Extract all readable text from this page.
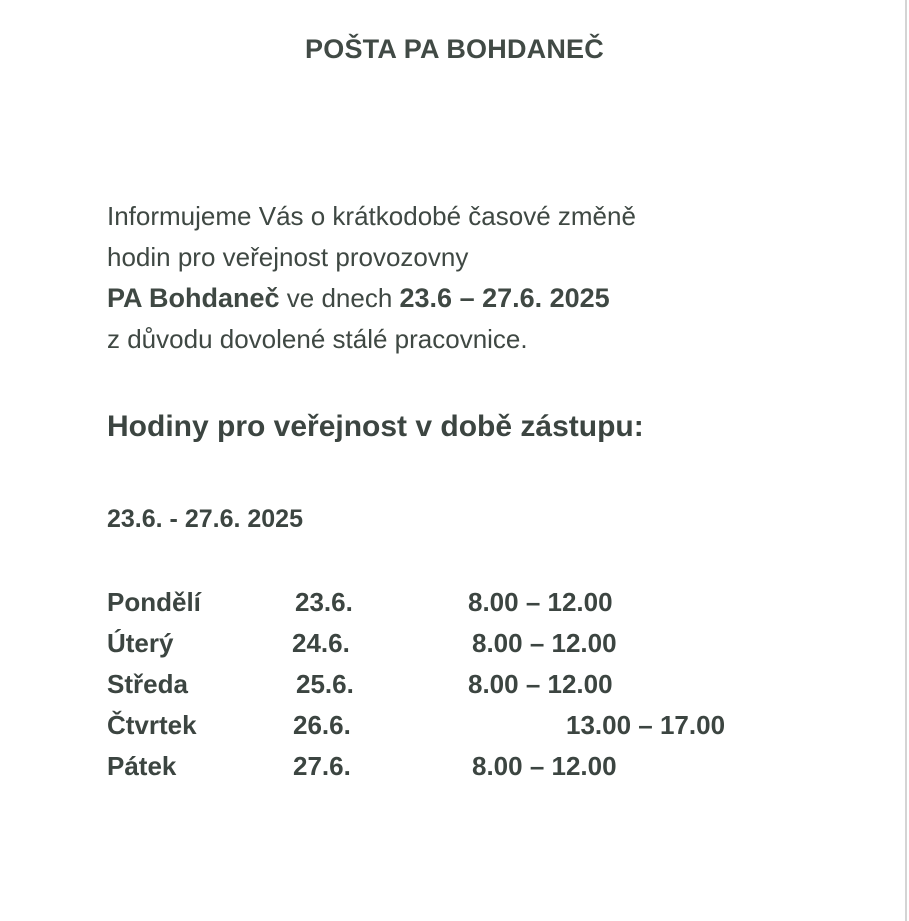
POŠTA PA BOHDANEČ
Informujeme Vás o krátkodobé časové změně
hodin pro veřejnost provozovny
PA Bohdaneč ve dnech 23.6 – 27.6. 2025
z důvodu dovolené stálé pracovnice.
Hodiny pro veřejnost v době zástupu:
23.6. - 27.6. 2025
Pondělí	23.6.	8.00 – 12.00
Úterý	24.6.	8.00 – 12.00
Středa	25.6.	8.00 – 12.00
Čtvrtek	26.6.	13.00 – 17.00
Pátek	27.6.	8.00 – 12.00
